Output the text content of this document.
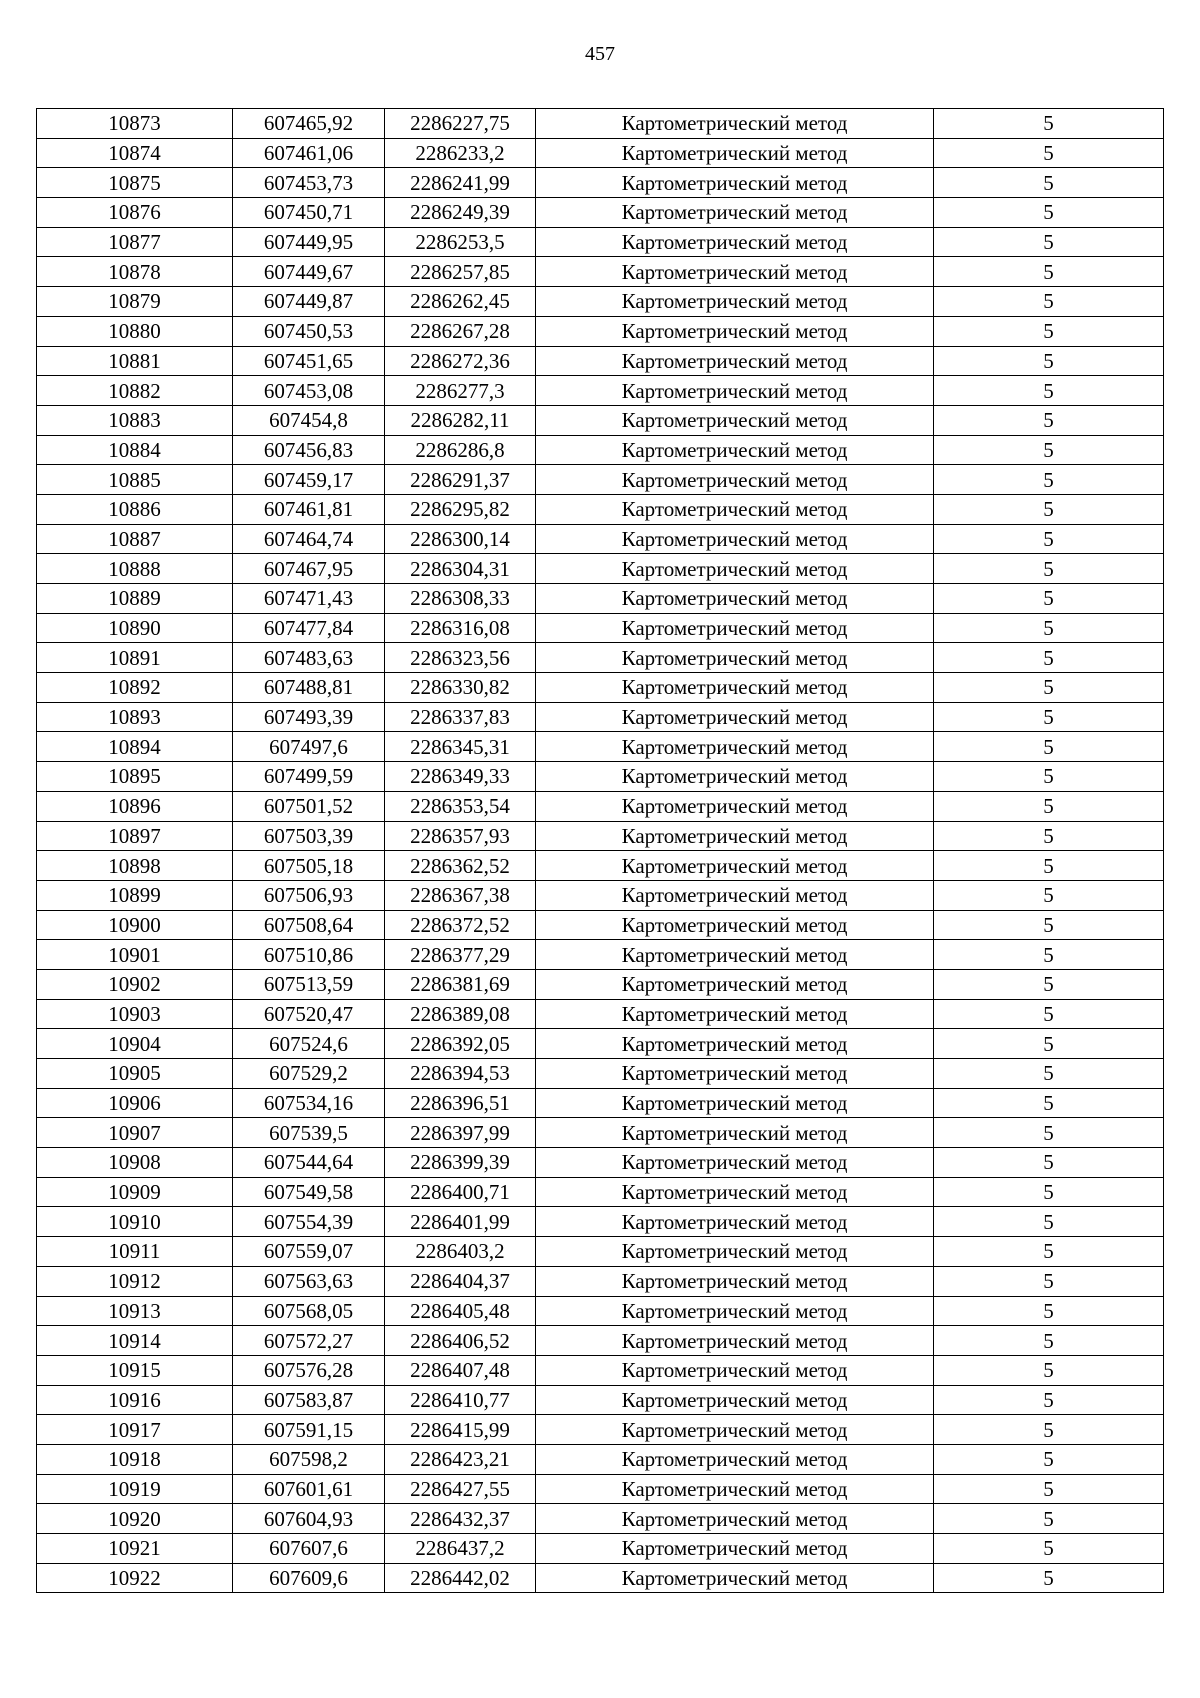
457
10873	607465,92	2286227,75	Картометрический метод	5
10874	607461,06	2286233,2	Картометрический метод	5
10875	607453,73	2286241,99	Картометрический метод	5
10876	607450,71	2286249,39	Картометрический метод	5
10877	607449,95	2286253,5	Картометрический метод	5
10878	607449,67	2286257,85	Картометрический метод	5
10879	607449,87	2286262,45	Картометрический метод	5
10880	607450,53	2286267,28	Картометрический метод	5
10881	607451,65	2286272,36	Картометрический метод	5
10882	607453,08	2286277,3	Картометрический метод	5
10883	607454,8	2286282,11	Картометрический метод	5
10884	607456,83	2286286,8	Картометрический метод	5
10885	607459,17	2286291,37	Картометрический метод	5
10886	607461,81	2286295,82	Картометрический метод	5
10887	607464,74	2286300,14	Картометрический метод	5
10888	607467,95	2286304,31	Картометрический метод	5
10889	607471,43	2286308,33	Картометрический метод	5
10890	607477,84	2286316,08	Картометрический метод	5
10891	607483,63	2286323,56	Картометрический метод	5
10892	607488,81	2286330,82	Картометрический метод	5
10893	607493,39	2286337,83	Картометрический метод	5
10894	607497,6	2286345,31	Картометрический метод	5
10895	607499,59	2286349,33	Картометрический метод	5
10896	607501,52	2286353,54	Картометрический метод	5
10897	607503,39	2286357,93	Картометрический метод	5
10898	607505,18	2286362,52	Картометрический метод	5
10899	607506,93	2286367,38	Картометрический метод	5
10900	607508,64	2286372,52	Картометрический метод	5
10901	607510,86	2286377,29	Картометрический метод	5
10902	607513,59	2286381,69	Картометрический метод	5
10903	607520,47	2286389,08	Картометрический метод	5
10904	607524,6	2286392,05	Картометрический метод	5
10905	607529,2	2286394,53	Картометрический метод	5
10906	607534,16	2286396,51	Картометрический метод	5
10907	607539,5	2286397,99	Картометрический метод	5
10908	607544,64	2286399,39	Картометрический метод	5
10909	607549,58	2286400,71	Картометрический метод	5
10910	607554,39	2286401,99	Картометрический метод	5
10911	607559,07	2286403,2	Картометрический метод	5
10912	607563,63	2286404,37	Картометрический метод	5
10913	607568,05	2286405,48	Картометрический метод	5
10914	607572,27	2286406,52	Картометрический метод	5
10915	607576,28	2286407,48	Картометрический метод	5
10916	607583,87	2286410,77	Картометрический метод	5
10917	607591,15	2286415,99	Картометрический метод	5
10918	607598,2	2286423,21	Картометрический метод	5
10919	607601,61	2286427,55	Картометрический метод	5
10920	607604,93	2286432,37	Картометрический метод	5
10921	607607,6	2286437,2	Картометрический метод	5
10922	607609,6	2286442,02	Картометрический метод	5
